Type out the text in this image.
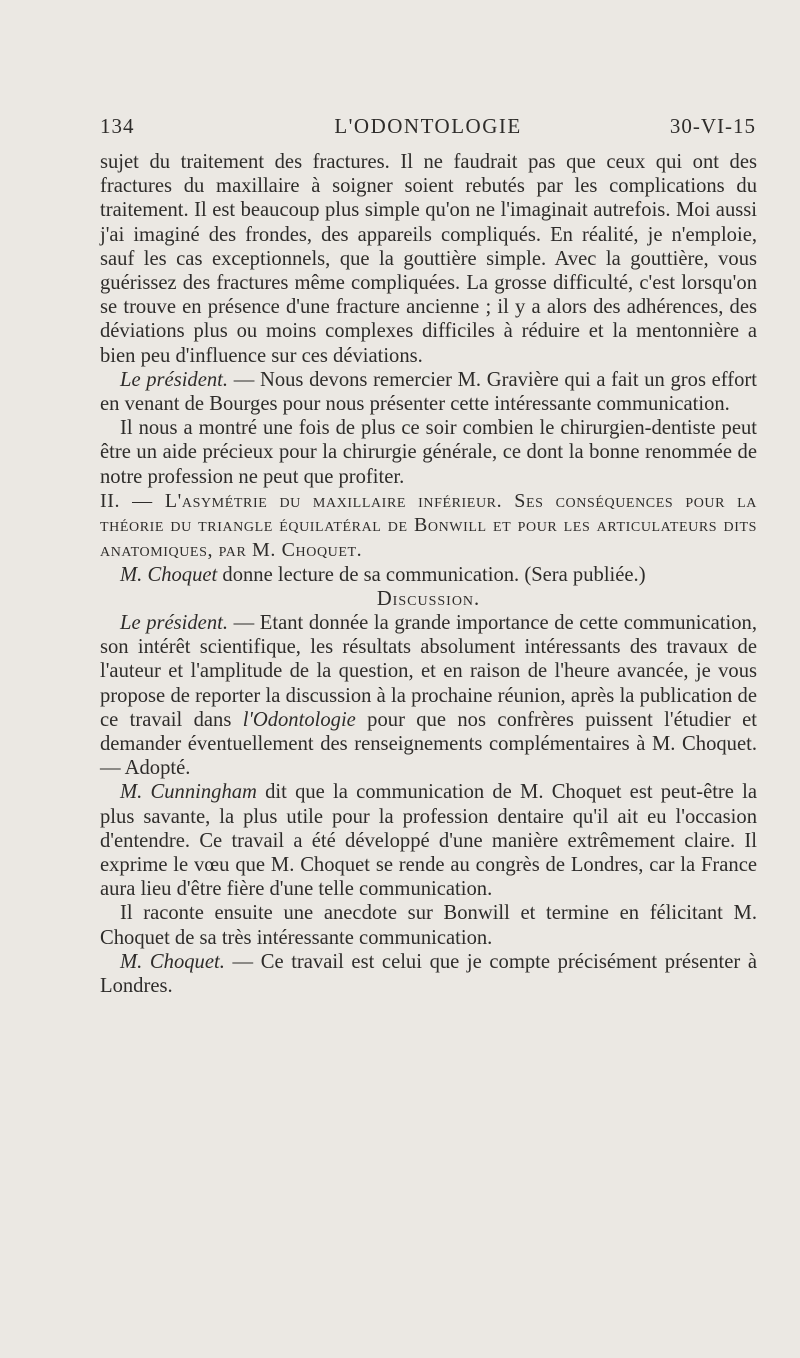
134	L'ODONTOLOGIE	30-VI-15

sujet du traitement des fractures. Il ne faudrait pas que ceux qui ont des fractures du maxillaire à soigner soient rebutés par les complications du traitement. Il est beaucoup plus simple qu'on ne l'imaginait autrefois. Moi aussi j'ai imaginé des frondes, des appareils compliqués. En réalité, je n'emploie, sauf les cas exceptionnels, que la gouttière simple. Avec la gouttière, vous guérissez des fractures même compliquées. La grosse difficulté, c'est lorsqu'on se trouve en présence d'une fracture ancienne ; il y a alors des adhérences, des déviations plus ou moins complexes difficiles à réduire et la mentonnière a bien peu d'influence sur ces déviations.

Le président. — Nous devons remercier M. Gravière qui a fait un gros effort en venant de Bourges pour nous présenter cette intéressante communication.

Il nous a montré une fois de plus ce soir combien le chirurgien-dentiste peut être un aide précieux pour la chirurgie générale, ce dont la bonne renommée de notre profession ne peut que profiter.

II. — L'asymétrie du maxillaire inférieur. Ses conséquences pour la théorie du triangle équilatéral de Bonwill et pour les articulateurs dits anatomiques, par M. Choquet.

M. Choquet donne lecture de sa communication. (Sera publiée.)

Discussion.

Le président. — Etant donnée la grande importance de cette communication, son intérêt scientifique, les résultats absolument intéressants des travaux de l'auteur et l'amplitude de la question, et en raison de l'heure avancée, je vous propose de reporter la discussion à la prochaine réunion, après la publication de ce travail dans l'Odontologie pour que nos confrères puissent l'étudier et demander éventuellement des renseignements complémentaires à M. Choquet. — Adopté.

M. Cunningham dit que la communication de M. Choquet est peut-être la plus savante, la plus utile pour la profession dentaire qu'il ait eu l'occasion d'entendre. Ce travail a été développé d'une manière extrêmement claire. Il exprime le vœu que M. Choquet se rende au congrès de Londres, car la France aura lieu d'être fière d'une telle communication.

Il raconte ensuite une anecdote sur Bonwill et termine en félicitant M. Choquet de sa très intéressante communication.

M. Choquet. — Ce travail est celui que je compte précisément présenter à Londres.
